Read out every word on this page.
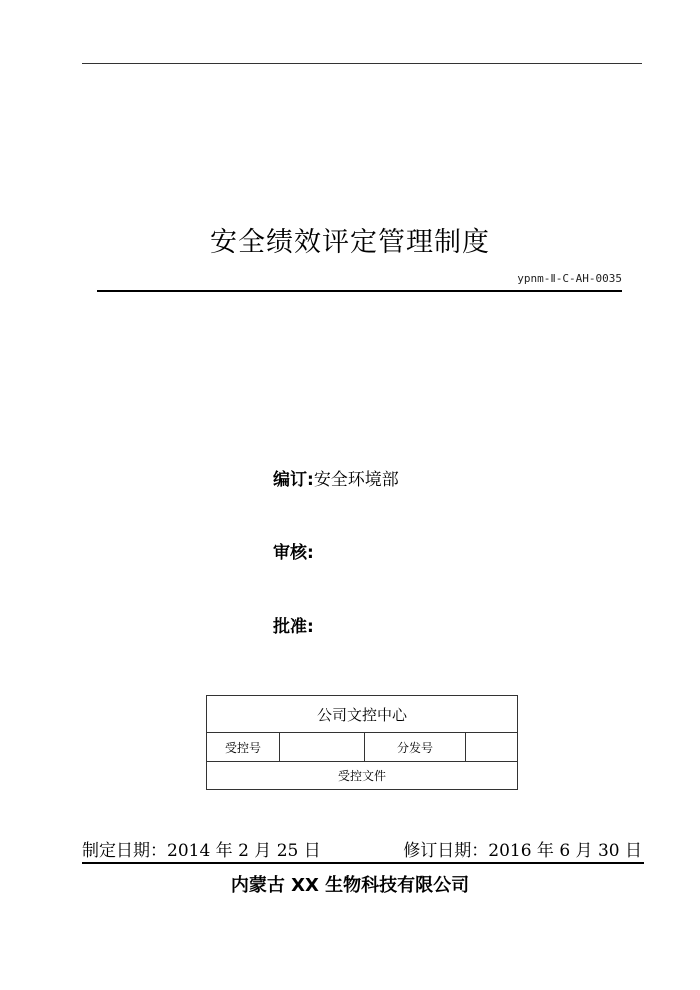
安全绩效评定管理制度
ypnm-Ⅱ-C-AH-0035
编订:安全环境部
审核:
批准:
公司文控中心
受控号		分发号	
受控文件
制定日期：2014 年 2 月 25 日	修订日期：2016 年 6 月 30 日
内蒙古 XX 生物科技有限公司
